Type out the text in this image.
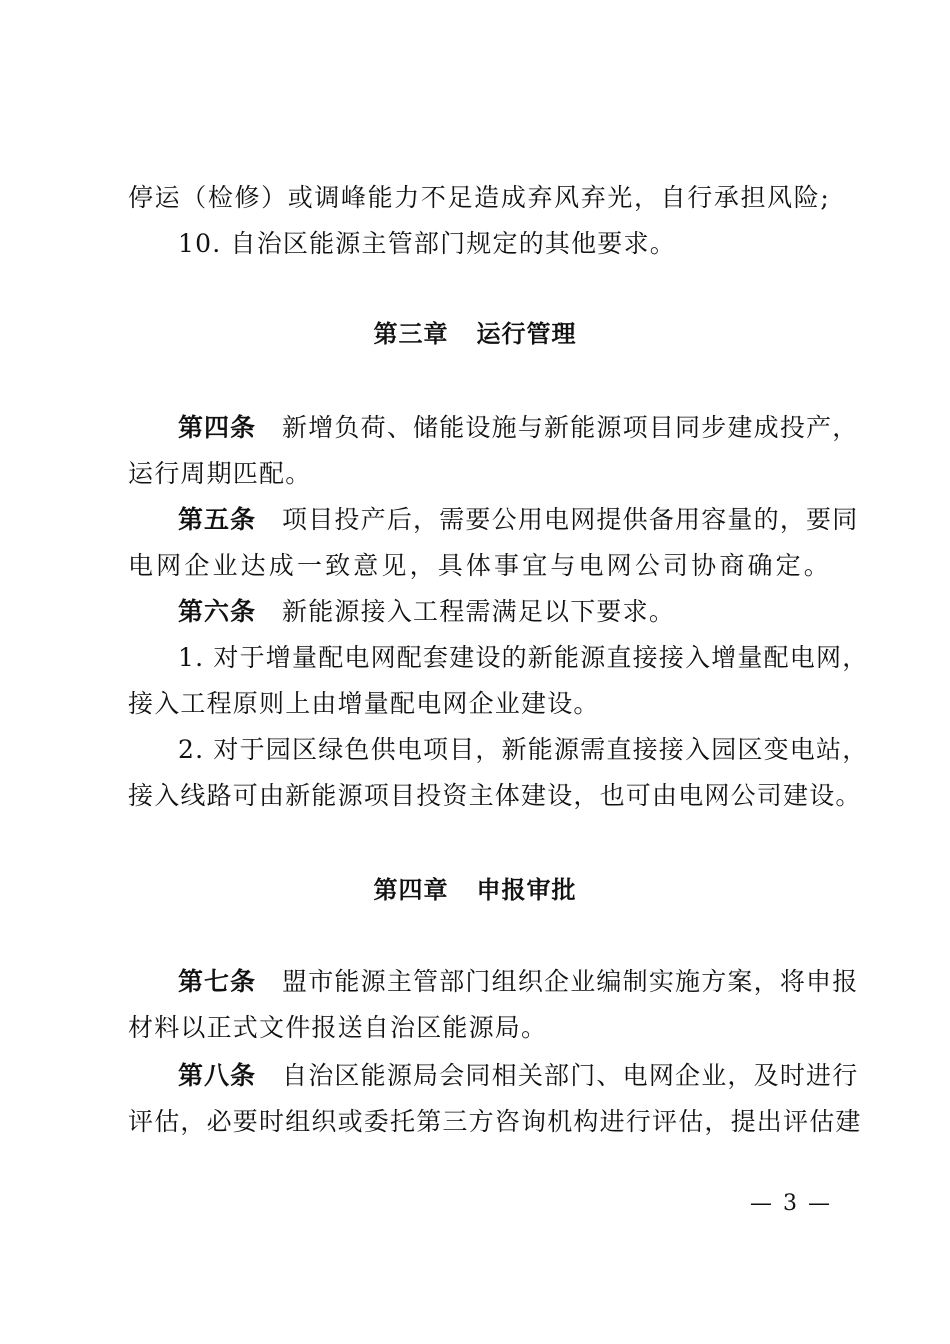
停运（检修）或调峰能力不足造成弃风弃光，自行承担风险;
10. 自治区能源主管部门规定的其他要求。
第三章 运行管理
第四条 新增负荷、储能设施与新能源项目同步建成投产，
运行周期匹配。
第五条 项目投产后，需要公用电网提供备用容量的，要同
电网企业达成一致意见，具体事宜与电网公司协商确定。
第六条 新能源接入工程需满足以下要求。
1. 对于增量配电网配套建设的新能源直接接入增量配电网，
接入工程原则上由增量配电网企业建设。
2. 对于园区绿色供电项目，新能源需直接接入园区变电站，
接入线路可由新能源项目投资主体建设，也可由电网公司建设。
第四章 申报审批
第七条 盟市能源主管部门组织企业编制实施方案，将申报
材料以正式文件报送自治区能源局。
第八条 自治区能源局会同相关部门、电网企业，及时进行
评估，必要时组织或委托第三方咨询机构进行评估，提出评估建
— 3 —
